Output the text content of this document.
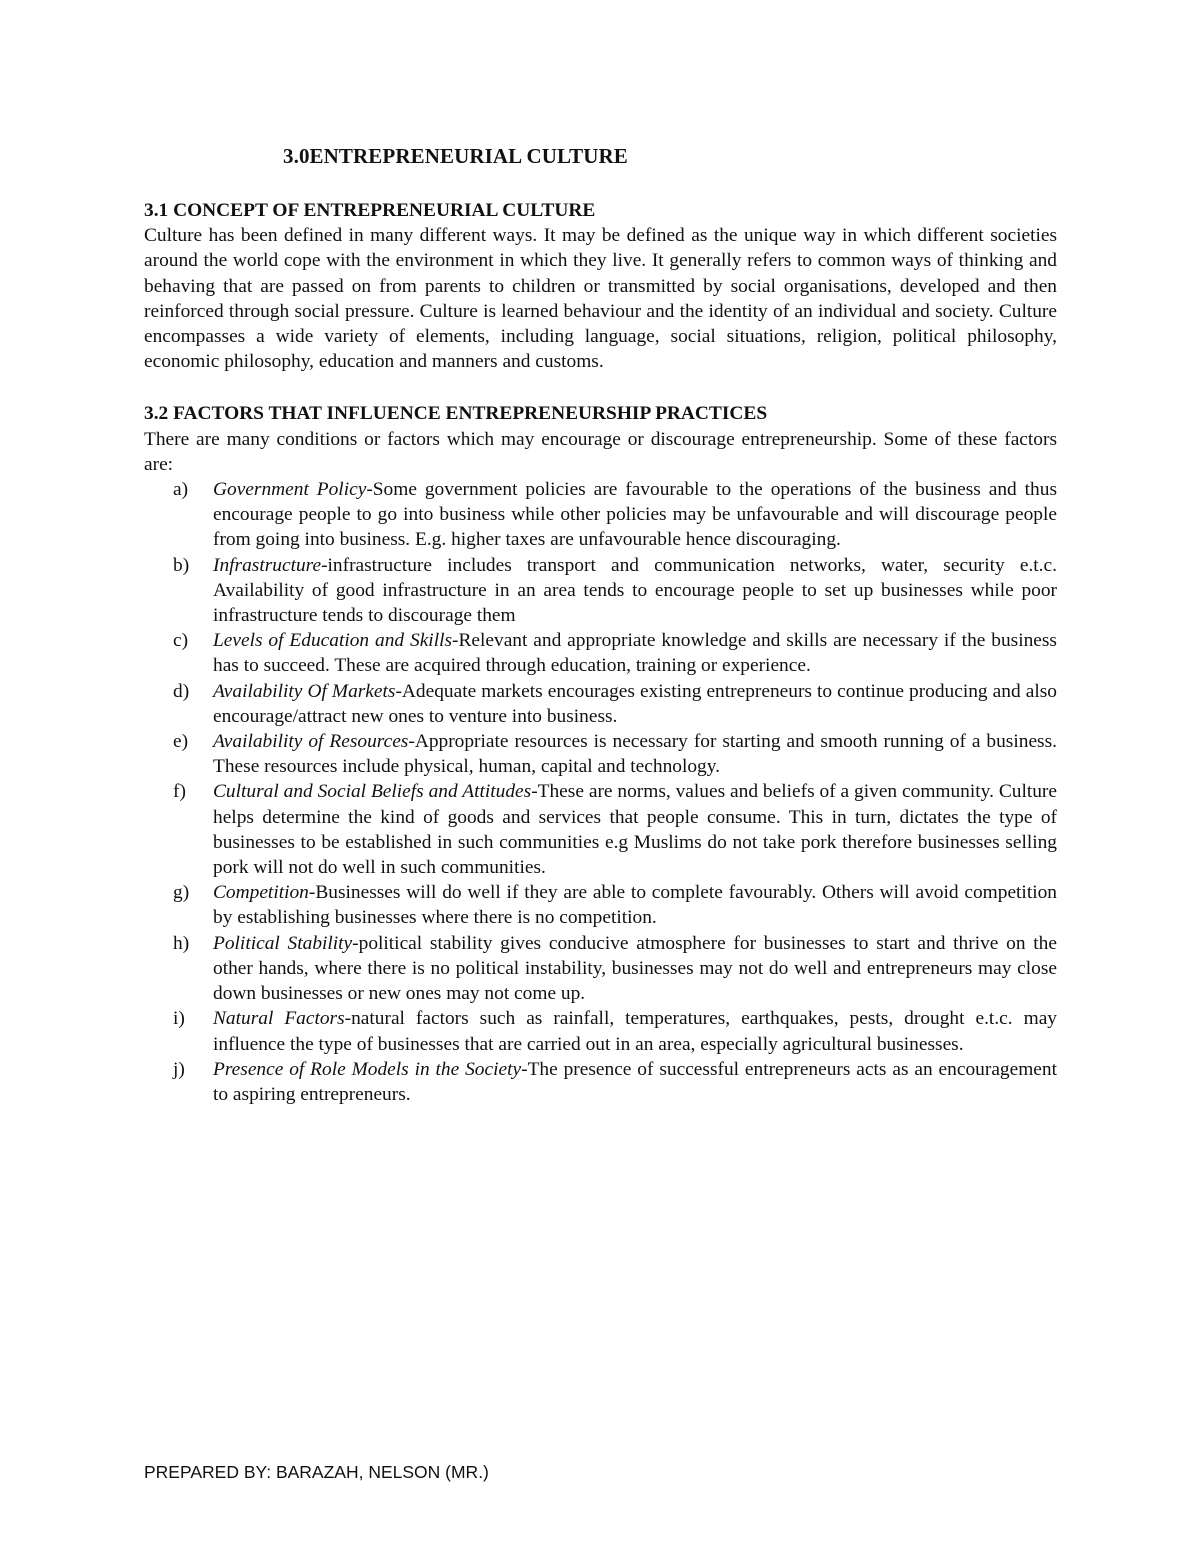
3.0ENTREPRENEURIAL CULTURE
3.1 CONCEPT OF ENTREPRENEURIAL CULTURE

Culture has been defined in many different ways. It may be defined as the unique way in which different societies around the world cope with the environment in which they live. It generally refers to common ways of thinking and behaving that are passed on from parents to children or transmitted by social organisations, developed and then reinforced through social pressure. Culture is learned behaviour and the identity of an individual and society. Culture encompasses a wide variety of elements, including language, social situations, religion, political philosophy, economic philosophy, education and manners and customs.

3.2 FACTORS THAT INFLUENCE ENTREPRENEURSHIP PRACTICES

There are many conditions or factors which may encourage or discourage entrepreneurship. Some of these factors are:

a) Government Policy-Some government policies are favourable to the operations of the business and thus encourage people to go into business while other policies may be unfavourable and will discourage people from going into business. E.g. higher taxes are unfavourable hence discouraging.
b) Infrastructure-infrastructure includes transport and communication networks, water, security e.t.c. Availability of good infrastructure in an area tends to encourage people to set up businesses while poor infrastructure tends to discourage them
c) Levels of Education and Skills-Relevant and appropriate knowledge and skills are necessary if the business has to succeed. These are acquired through education, training or experience.
d) Availability Of Markets-Adequate markets encourages existing entrepreneurs to continue producing and also encourage/attract new ones to venture into business.
e) Availability of Resources-Appropriate resources is necessary for starting and smooth running of a business. These resources include physical, human, capital and technology.
f) Cultural and Social Beliefs and Attitudes-These are norms, values and beliefs of a given community. Culture helps determine the kind of goods and services that people consume. This in turn, dictates the type of businesses to be established in such communities e.g Muslims do not take pork therefore businesses selling pork will not do well in such communities.
g) Competition-Businesses will do well if they are able to complete favourably. Others will avoid competition by establishing businesses where there is no competition.
h) Political Stability-political stability gives conducive atmosphere for businesses to start and thrive on the other hands, where there is no political instability, businesses may not do well and entrepreneurs may close down businesses or new ones may not come up.
i) Natural Factors-natural factors such as rainfall, temperatures, earthquakes, pests, drought e.t.c. may influence the type of businesses that are carried out in an area, especially agricultural businesses.
j) Presence of Role Models in the Society-The presence of successful entrepreneurs acts as an encouragement to aspiring entrepreneurs.
PREPARED BY: BARAZAH, NELSON (MR.)
